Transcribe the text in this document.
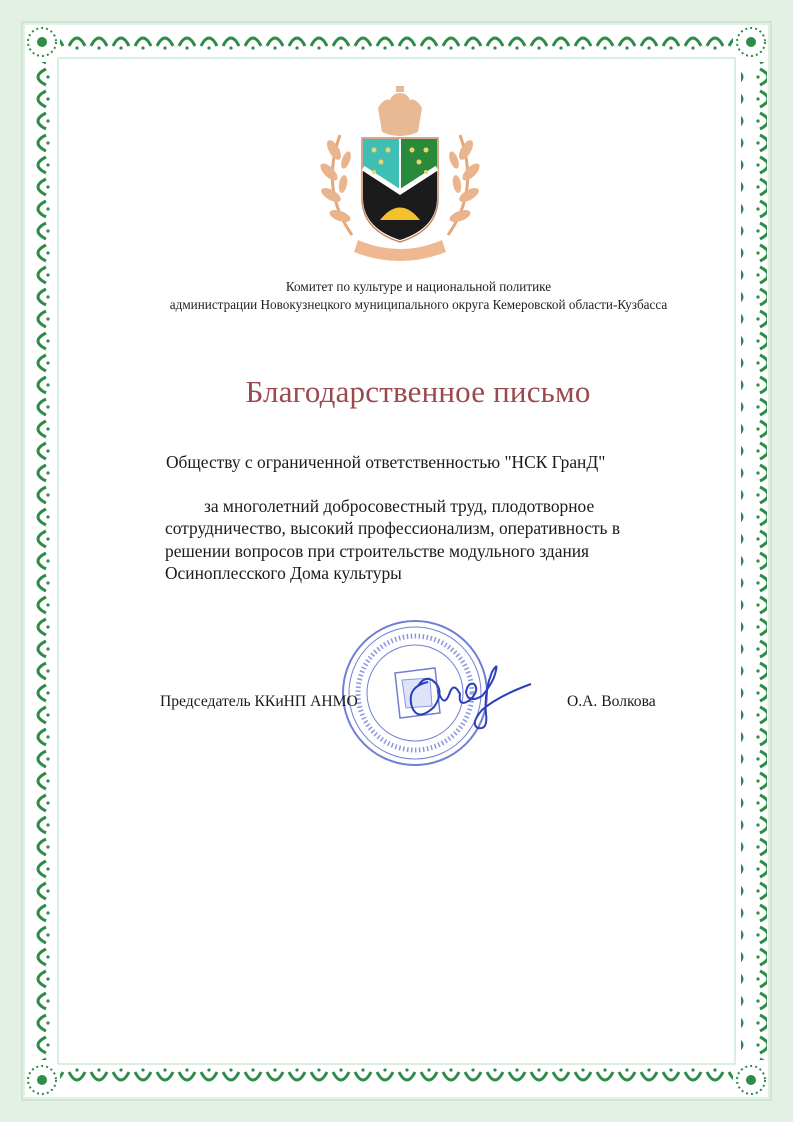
Комитет по культуре и национальной политике
администрации Новокузнецкого муниципального округа Кемеровской области-Кузбасса
Благодарственное письмо
Обществу с ограниченной ответственностью "НСК ГранД"
за многолетний добросовестный труд, плодотворное
сотрудничество, высокий профессионализм, оперативность в
решении вопросов при строительстве модульного здания
Осиноплесского Дома культуры
Председатель ККиНП АНМО	О.А. Волкова
